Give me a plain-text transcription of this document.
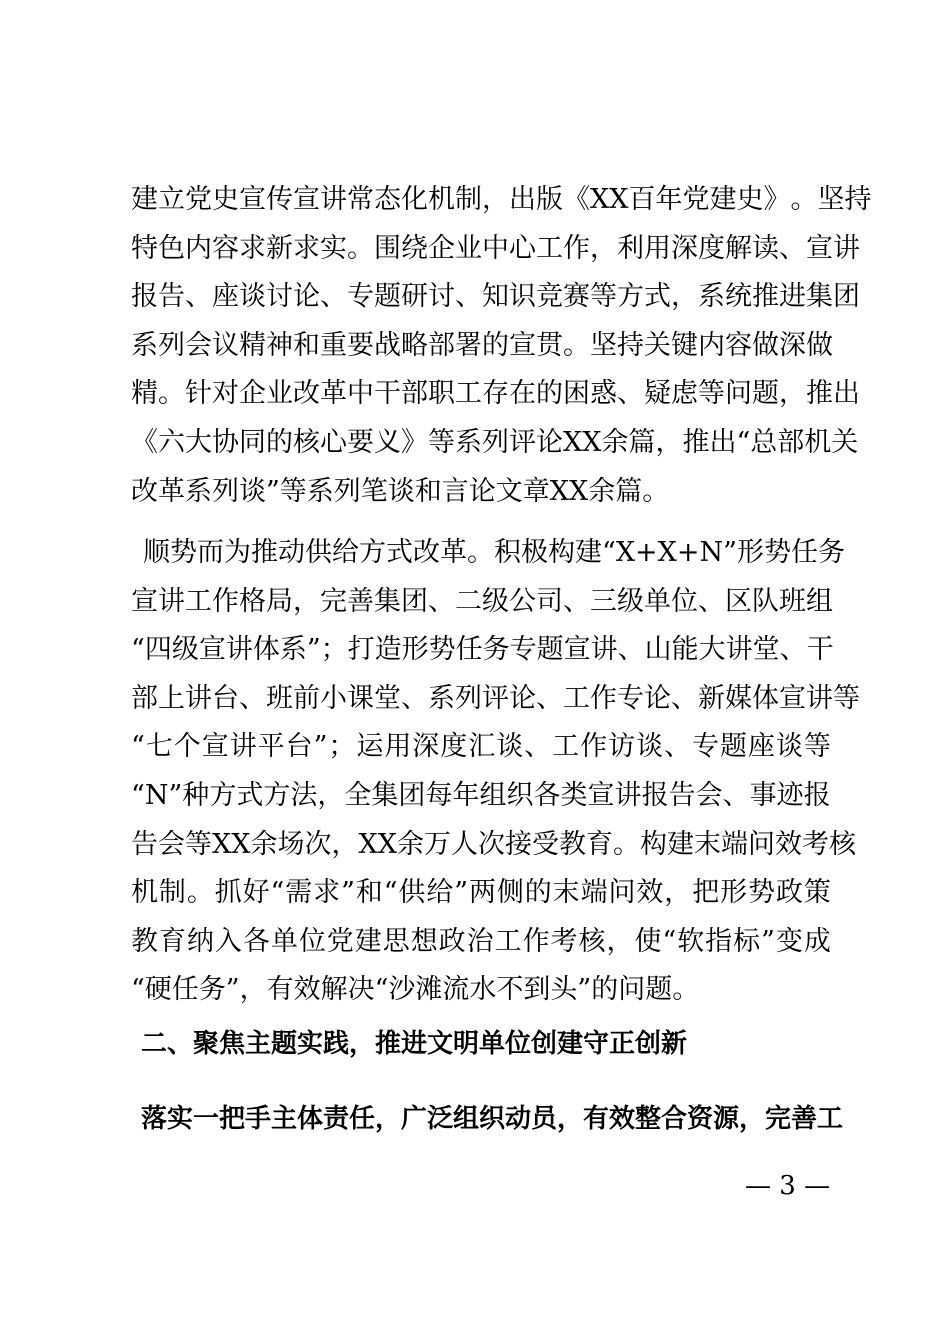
建 立 党 史 宣 传 宣 讲 常 态 化 机 制 ， 出 版 《 X X 百 年 党 建 史 》 。 坚 持
特 色 内 容 求 新 求 实 。 围 绕 企 业 中 心 工 作 ， 利 用 深 度 解 读 、 宣 讲
报 告 、 座 谈 讨 论 、 专 题 研 讨 、 知 识 竞 赛 等 方 式 ， 系 统 推 进 集 团
系 列 会 议 精 神 和 重 要 战 略 部 署 的 宣 贯 。 坚 持 关 键 内 容 做 深 做
精 。 针 对 企 业 改 革 中 干 部 职 工 存 在 的 困 惑 、 疑 虑 等 问 题 ， 推 出
《 六 大 协 同 的 核 心 要 义 》 等 系 列 评 论 X X 余 篇 ， 推 出 “ 总 部 机 关
改革系列谈”等系列笔谈和言论文章XX余篇。
顺 势 而 为 推 动 供 给 方 式 改 革 。 积 极 构 建 “ X + X + N ” 形 势 任 务
宣 讲 工 作 格 局 ， 完 善 集 团 、 二 级 公 司 、 三 级 单 位 、 区 队 班 组
“ 四 级 宣 讲 体 系 ” ； 打 造 形 势 任 务 专 题 宣 讲 、 山 能 大 讲 堂 、 干
部 上 讲 台 、 班 前 小 课 堂 、 系 列 评 论 、 工 作 专 论 、 新 媒 体 宣 讲 等
“ 七 个 宣 讲 平 台 ” ； 运 用 深 度 汇 谈 、 工 作 访 谈 、 专 题 座 谈 等
“ N ” 种 方 式 方 法 ， 全 集 团 每 年 组 织 各 类 宣 讲 报 告 会 、 事 迹 报
告 会 等 X X 余 场 次 ， X X 余 万 人 次 接 受 教 育 。 构 建 末 端 问 效 考 核
机 制 。 抓 好 “ 需 求 ” 和 “ 供 给 ” 两 侧 的 末 端 问 效 ， 把 形 势 政 策
教 育 纳 入 各 单 位 党 建 思 想 政 治 工 作 考 核 ， 使 “ 软 指 标 ” 变 成
“硬任务”，有效解决“沙滩流水不到头”的问题。
二、聚焦主题实践，推进文明单位创建守正创新
落实一把手主体责任，广泛组织动员，有效整合资源，完善工
— 3 —
